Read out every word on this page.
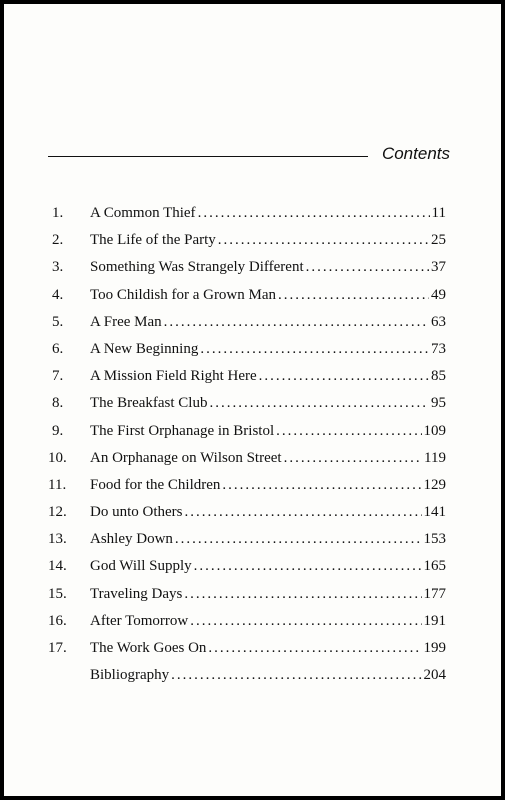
Contents
1.	A Common Thief .....	11
2.	The Life of the Party .....	25
3.	Something Was Strangely Different .....	37
4.	Too Childish for a Grown Man .....	49
5.	A Free Man .....	63
6.	A New Beginning .....	73
7.	A Mission Field Right Here .....	85
8.	The Breakfast Club .....	95
9.	The First Orphanage in Bristol .....	109
10.	An Orphanage on Wilson Street .....	119
11.	Food for the Children .....	129
12.	Do unto Others .....	141
13.	Ashley Down .....	153
14.	God Will Supply .....	165
15.	Traveling Days .....	177
16.	After Tomorrow .....	191
17.	The Work Goes On .....	199
Bibliography .....	204
